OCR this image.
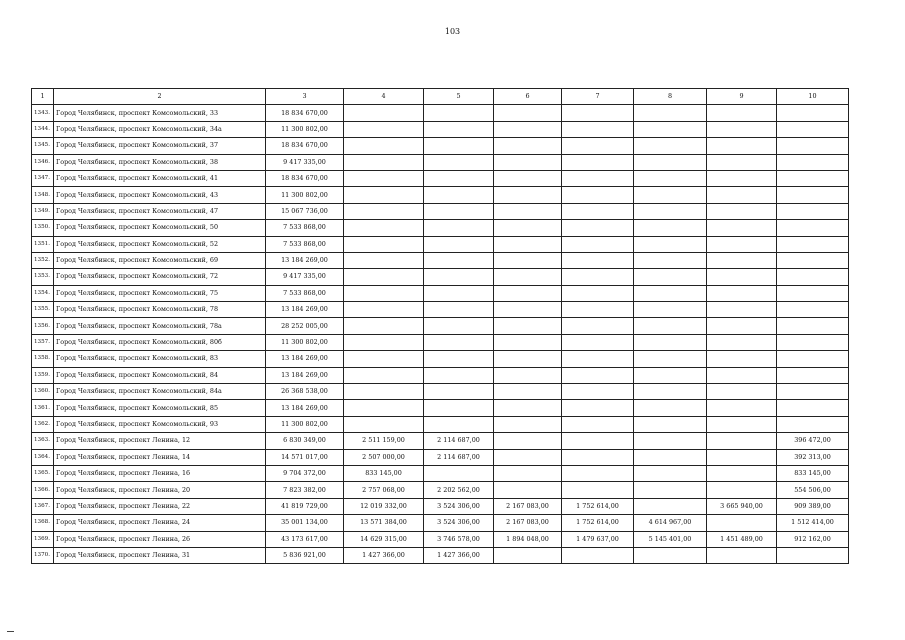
103
1	2	3	4	5	6	7	8	9	10
1343.	Город Челябинск, проспект Комсомольский, 33	18 834 670,00							
1344.	Город Челябинск, проспект Комсомольский, 34а	11 300 802,00							
1345.	Город Челябинск, проспект Комсомольский, 37	18 834 670,00							
1346.	Город Челябинск, проспект Комсомольский, 38	9 417 335,00							
1347.	Город Челябинск, проспект Комсомольский, 41	18 834 670,00							
1348.	Город Челябинск, проспект Комсомольский, 43	11 300 802,00							
1349.	Город Челябинск, проспект Комсомольский, 47	15 067 736,00							
1350.	Город Челябинск, проспект Комсомольский, 50	7 533 868,00							
1351.	Город Челябинск, проспект Комсомольский, 52	7 533 868,00							
1352.	Город Челябинск, проспект Комсомольский, 69	13 184 269,00							
1353.	Город Челябинск, проспект Комсомольский, 72	9 417 335,00							
1354.	Город Челябинск, проспект Комсомольский, 75	7 533 868,00							
1355.	Город Челябинск, проспект Комсомольский, 78	13 184 269,00							
1356.	Город Челябинск, проспект Комсомольский, 78а	28 252 005,00							
1357.	Город Челябинск, проспект Комсомольский, 80б	11 300 802,00							
1358.	Город Челябинск, проспект Комсомольский, 83	13 184 269,00							
1359.	Город Челябинск, проспект Комсомольский, 84	13 184 269,00							
1360.	Город Челябинск, проспект Комсомольский, 84а	26 368 538,00							
1361.	Город Челябинск, проспект Комсомольский, 85	13 184 269,00							
1362.	Город Челябинск, проспект Комсомольский, 93	11 300 802,00							
1363.	Город Челябинск, проспект Ленина, 12	6 830 349,00	2 511 159,00	2 114 687,00					396 472,00
1364.	Город Челябинск, проспект Ленина, 14	14 571 017,00	2 507 000,00	2 114 687,00					392 313,00
1365.	Город Челябинск, проспект Ленина, 16	9 704 372,00	833 145,00						833 145,00
1366.	Город Челябинск, проспект Ленина, 20	7 823 382,00	2 757 068,00	2 202 562,00					554 506,00
1367.	Город Челябинск, проспект Ленина, 22	41 819 729,00	12 019 332,00	3 524 306,00	2 167 083,00	1 752 614,00		3 665 940,00	909 389,00
1368.	Город Челябинск, проспект Ленина, 24	35 001 134,00	13 571 384,00	3 524 306,00	2 167 083,00	1 752 614,00	4 614 967,00		1 512 414,00
1369.	Город Челябинск, проспект Ленина, 26	43 173 617,00	14 629 315,00	3 746 578,00	1 894 048,00	1 479 637,00	5 145 401,00	1 451 489,00	912 162,00
1370.	Город Челябинск, проспект Ленина, 31	5 836 921,00	1 427 366,00	1 427 366,00					
